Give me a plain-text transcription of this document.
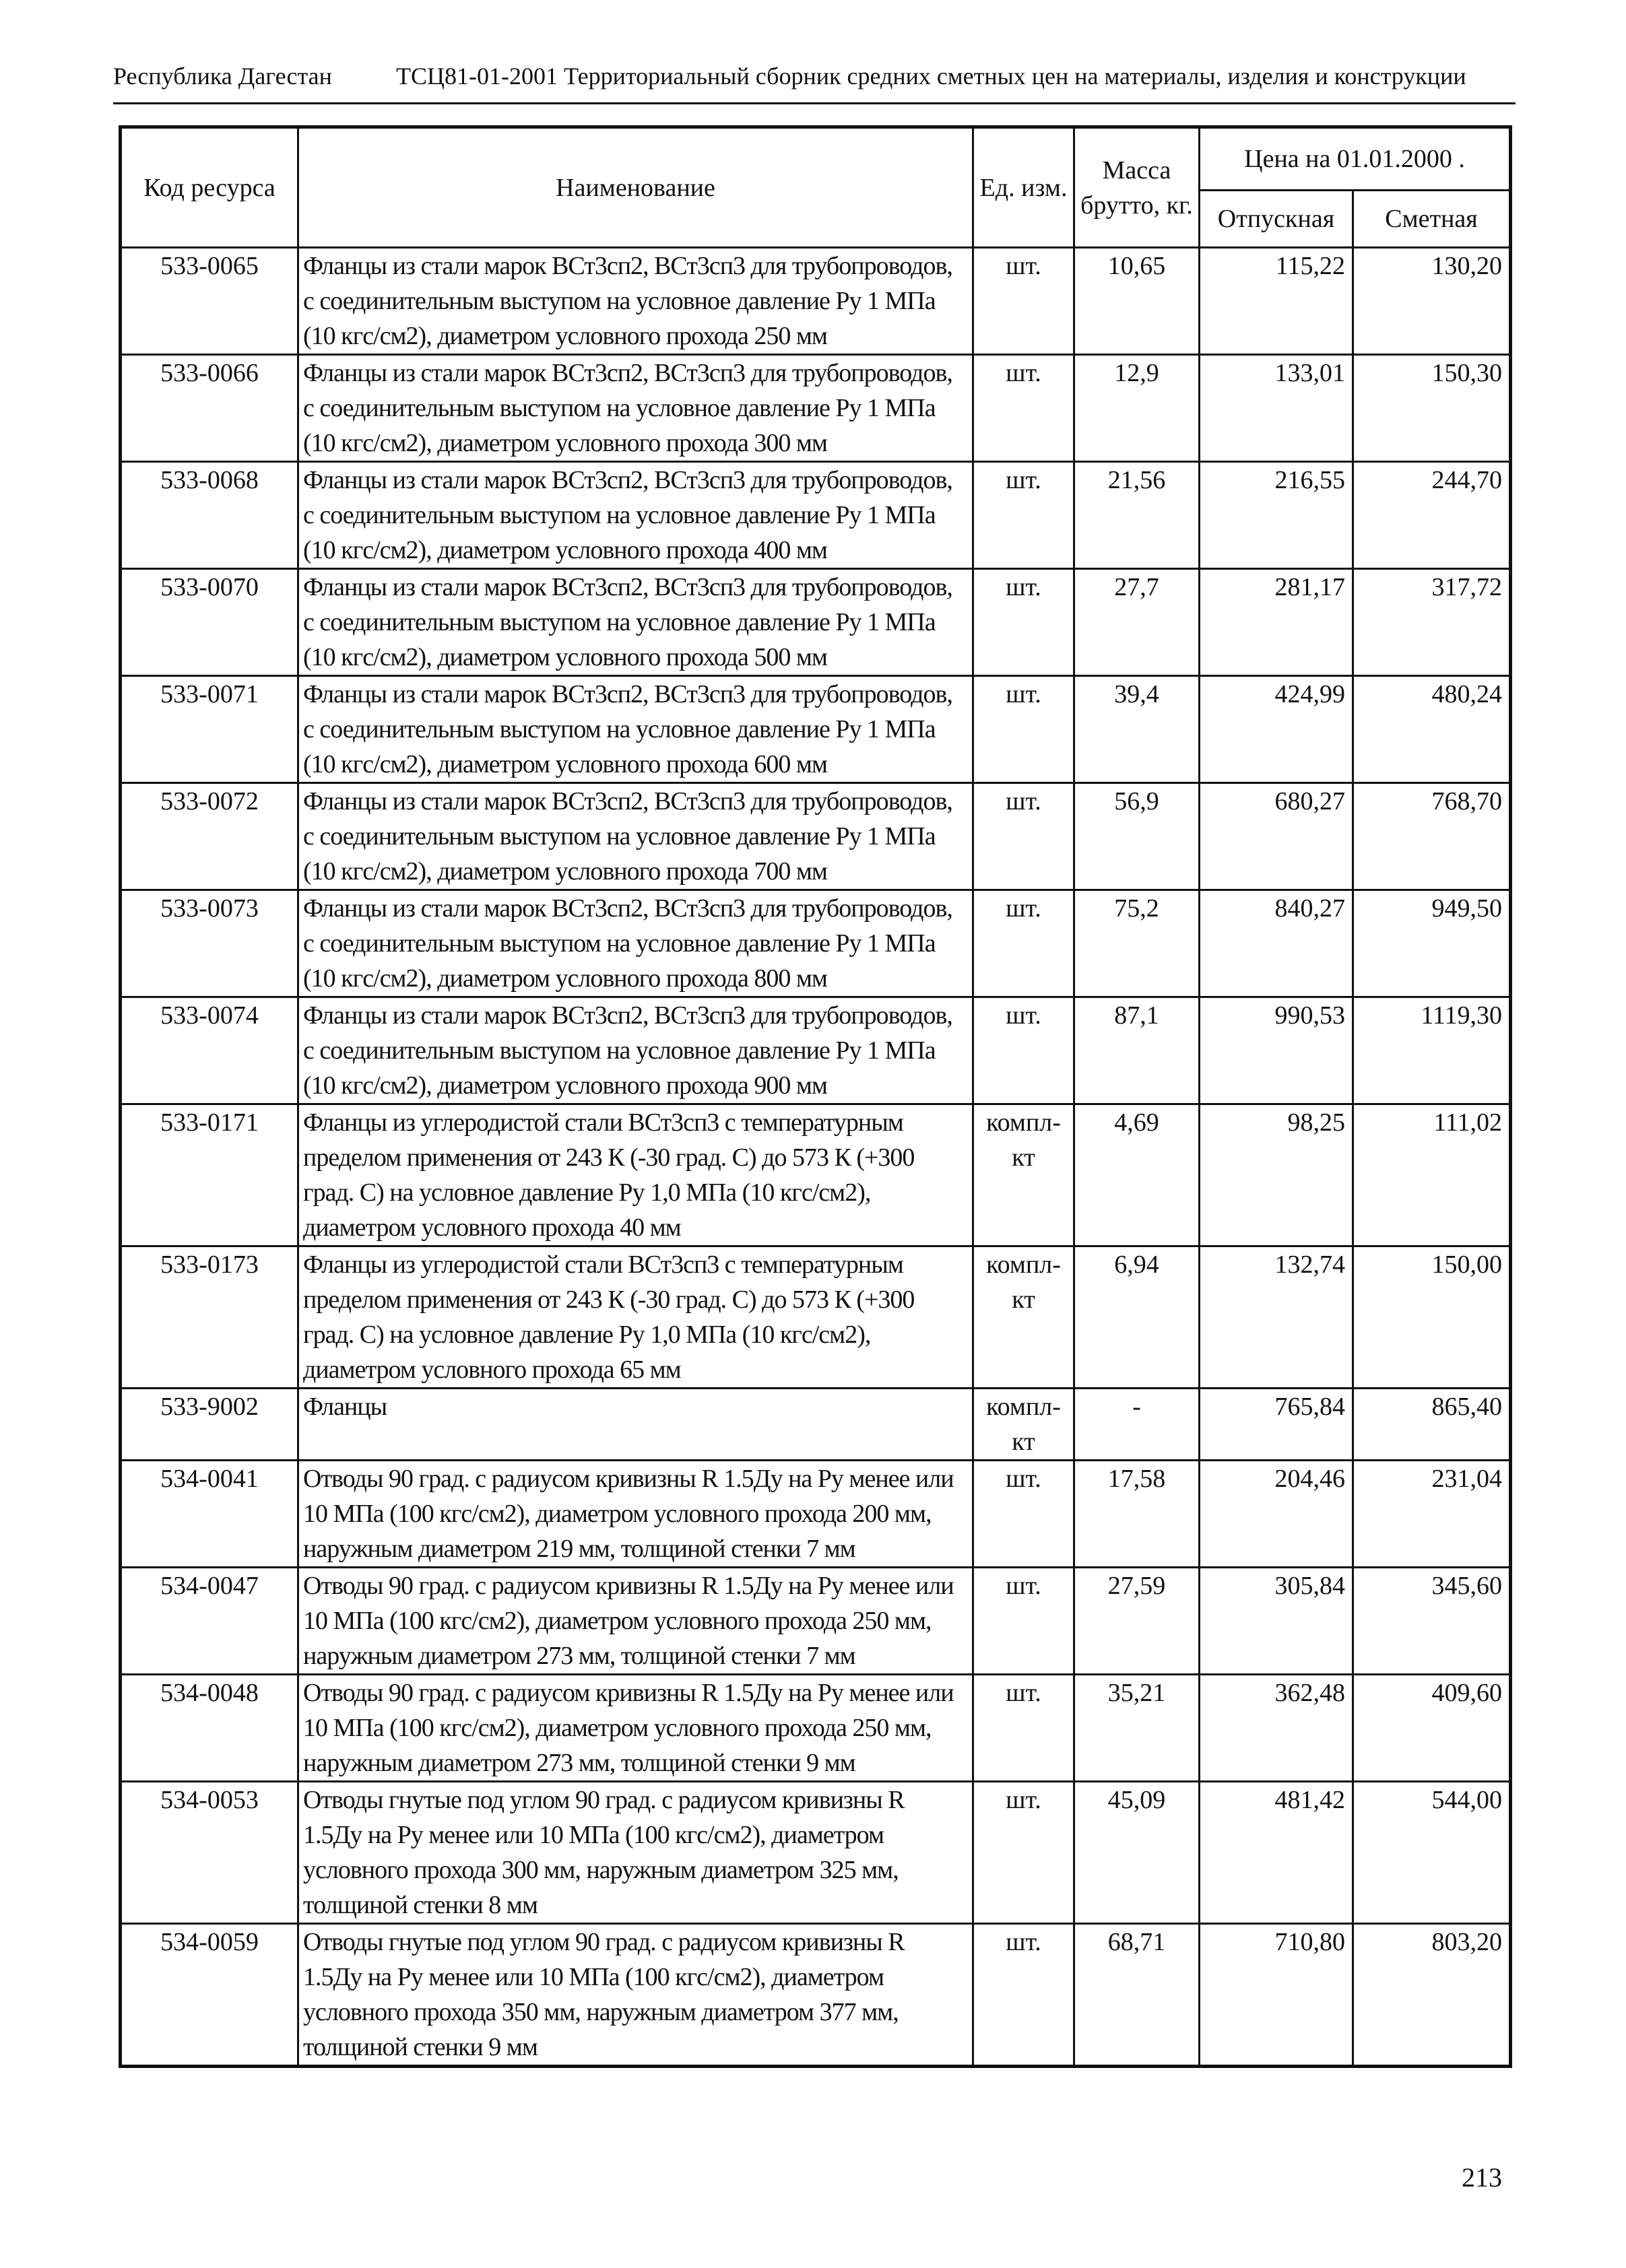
Республика Дагестан	ТСЦ81-01-2001 Территориальный сборник средних сметных цен на материалы, изделия и конструкции
Код ресурса	Наименование	Ед. изм.	Масса брутто, кг.	Цена на 01.01.2000 .	
				Отпускная	Сметная
533-0065	Фланцы из стали марок ВСт3сп2, ВСт3сп3 для трубопроводов, с соединительным выступом на условное давление Ру 1 МПа (10 кгс/см2), диаметром условного прохода 250 мм	шт.	10,65	115,22	130,20
533-0066	Фланцы из стали марок ВСт3сп2, ВСт3сп3 для трубопроводов, с соединительным выступом на условное давление Ру 1 МПа (10 кгс/см2), диаметром условного прохода 300 мм	шт.	12,9	133,01	150,30
533-0068	Фланцы из стали марок ВСт3сп2, ВСт3сп3 для трубопроводов, с соединительным выступом на условное давление Ру 1 МПа (10 кгс/см2), диаметром условного прохода 400 мм	шт.	21,56	216,55	244,70
533-0070	Фланцы из стали марок ВСт3сп2, ВСт3сп3 для трубопроводов, с соединительным выступом на условное давление Ру 1 МПа (10 кгс/см2), диаметром условного прохода 500 мм	шт.	27,7	281,17	317,72
533-0071	Фланцы из стали марок ВСт3сп2, ВСт3сп3 для трубопроводов, с соединительным выступом на условное давление Ру 1 МПа (10 кгс/см2), диаметром условного прохода 600 мм	шт.	39,4	424,99	480,24
533-0072	Фланцы из стали марок ВСт3сп2, ВСт3сп3 для трубопроводов, с соединительным выступом на условное давление Ру 1 МПа (10 кгс/см2), диаметром условного прохода 700 мм	шт.	56,9	680,27	768,70
533-0073	Фланцы из стали марок ВСт3сп2, ВСт3сп3 для трубопроводов, с соединительным выступом на условное давление Ру 1 МПа (10 кгс/см2), диаметром условного прохода 800 мм	шт.	75,2	840,27	949,50
533-0074	Фланцы из стали марок ВСт3сп2, ВСт3сп3 для трубопроводов, с соединительным выступом на условное давление Ру 1 МПа (10 кгс/см2), диаметром условного прохода 900 мм	шт.	87,1	990,53	1119,30
533-0171	Фланцы из углеродистой стали ВСт3сп3 с температурным пределом применения от 243 К (-30 град. С) до 573 К (+300 град. С) на условное давление Ру 1,0 МПа (10 кгс/см2), диаметром условного прохода 40 мм	компл-кт	4,69	98,25	111,02
533-0173	Фланцы из углеродистой стали ВСт3сп3 с температурным пределом применения от 243 К (-30 град. С) до 573 К (+300 град. С) на условное давление Ру 1,0 МПа (10 кгс/см2), диаметром условного прохода 65 мм	компл-кт	6,94	132,74	150,00
533-9002	Фланцы	компл-кт	-	765,84	865,40
534-0041	Отводы 90 град. с радиусом кривизны R 1.5Ду на Ру менее или 10 МПа (100 кгс/см2), диаметром условного прохода 200 мм, наружным диаметром 219 мм, толщиной стенки 7 мм	шт.	17,58	204,46	231,04
534-0047	Отводы 90 град. с радиусом кривизны R 1.5Ду на Ру менее или 10 МПа (100 кгс/см2), диаметром условного прохода 250 мм, наружным диаметром 273 мм, толщиной стенки 7 мм	шт.	27,59	305,84	345,60
534-0048	Отводы 90 град. с радиусом кривизны R 1.5Ду на Ру менее или 10 МПа (100 кгс/см2), диаметром условного прохода 250 мм, наружным диаметром 273 мм, толщиной стенки 9 мм	шт.	35,21	362,48	409,60
534-0053	Отводы гнутые под углом 90 град. с радиусом кривизны R 1.5Ду на Ру менее или 10 МПа (100 кгс/см2), диаметром условного прохода 300 мм, наружным диаметром 325 мм, толщиной стенки 8 мм	шт.	45,09	481,42	544,00
534-0059	Отводы гнутые под углом 90 град. с радиусом кривизны R 1.5Ду на Ру менее или 10 МПа (100 кгс/см2), диаметром условного прохода 350 мм, наружным диаметром 377 мм, толщиной стенки 9 мм	шт.	68,71	710,80	803,20
213
